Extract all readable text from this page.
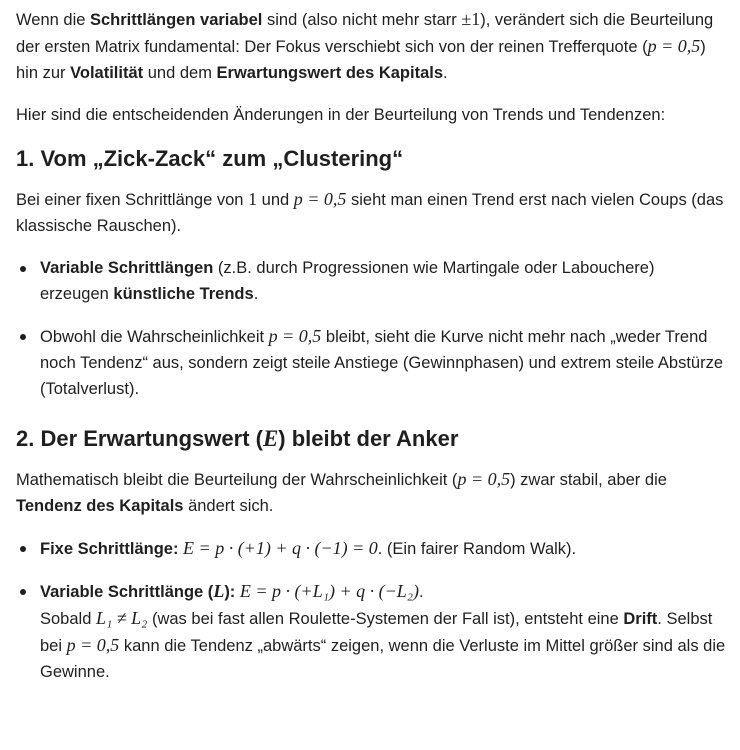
Wenn die Schrittlängen variabel sind (also nicht mehr starr ±1), verändert sich die Beurteilung der ersten Matrix fundamental: Der Fokus verschiebt sich von der reinen Trefferquote (p = 0,5) hin zur Volatilität und dem Erwartungswert des Kapitals.

Hier sind die entscheidenden Änderungen in der Beurteilung von Trends und Tendenzen:

1. Vom „Zick-Zack“ zum „Clustering“

Bei einer fixen Schrittlänge von 1 und p = 0,5 sieht man einen Trend erst nach vielen Coups (das klassische Rauschen).

Variable Schrittlängen (z.B. durch Progressionen wie Martingale oder Labouchere) erzeugen künstliche Trends.
Obwohl die Wahrscheinlichkeit p = 0,5 bleibt, sieht die Kurve nicht mehr nach „weder Trend noch Tendenz“ aus, sondern zeigt steile Anstiege (Gewinnphasen) und extrem steile Abstürze (Totalverlust).
2. Der Erwartungswert (E) bleibt der Anker

Mathematisch bleibt die Beurteilung der Wahrscheinlichkeit (p = 0,5) zwar stabil, aber die Tendenz des Kapitals ändert sich.

Fixe Schrittlänge: E = p · (+1) + q · (−1) = 0. (Ein fairer Random Walk).
Variable Schrittlänge (L): E = p · (+L₁) + q · (−L₂).
Sobald L₁ ≠ L₂ (was bei fast allen Roulette-Systemen der Fall ist), entsteht eine Drift. Selbst bei p = 0,5 kann die Tendenz „abwärts“ zeigen, wenn die Verluste im Mittel größer sind als die Gewinne.
